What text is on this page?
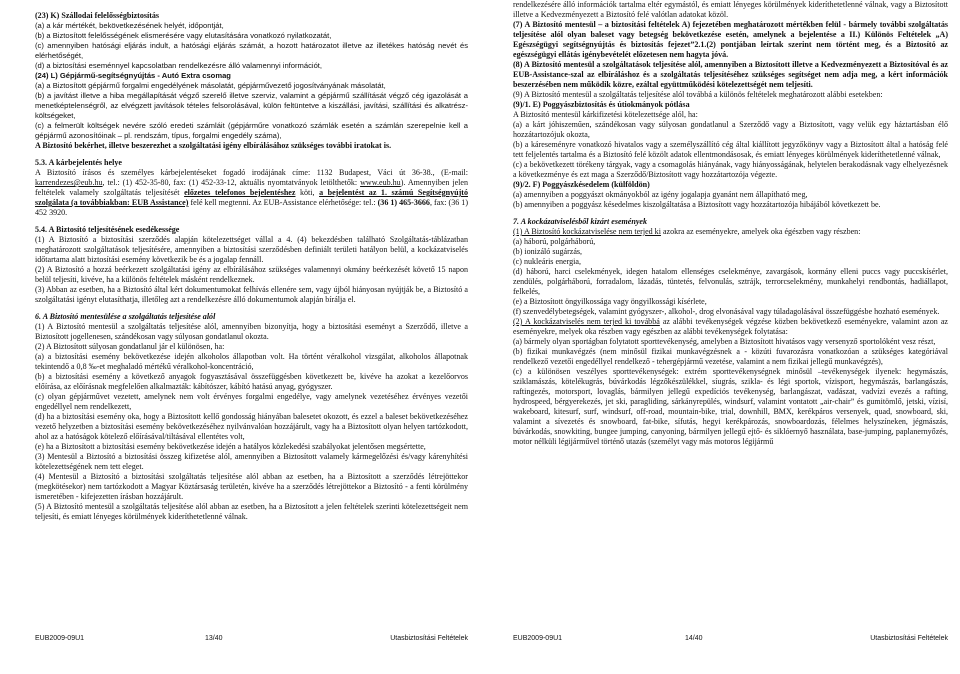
(23) K) Szállodai felelősségbiztosítás

(a) a kár mértékét, bekövetkezésének helyét, időpontját,

(b) a Biztosított felelősségének elismerésére vagy elutasítására vonatkozó nyilatkozatát,

(c) amennyiben hatósági eljárás indult, a hatósági eljárás számát, a hozott határozatot illetve az illetékes hatóság nevét és elérhetőségét,

(d) a biztosítási eseménnyel kapcsolatban rendelkezésre álló valamennyi információt,

(24) L) Gépjármű-segítségnyújtás - Autó Extra csomag

(a) a Biztosított gépjármű forgalmi engedélyének másolatát, gépjárművezető jogosítványának másolatát,

(b) a javítást illetve a hiba megállapítását végző szerelő illetve szerviz, valamint a gépjármű szállítását végző cég igazolását a menetképtelenségről, az elvégzett javítások tételes felsorolásával, külön feltüntetve a kiszállási, javítási, szállítási és alkatrész-költségeket,

(c) a felmerült költségek nevére szóló eredeti számláit (gépjárműre vonatkozó számlák esetén a számlán szerepelnie kell a gépjármű azonosítóinak – pl. rendszám, típus, forgalmi engedély száma),

A Biztosító bekérhet, illetve beszerezhet a szolgáltatási igény elbírálásához szükséges további iratokat is.

5.3. A kárbejelentés helye

A Biztosító írásos és személyes kárbejelentéseket fogadó irodájának címe: 1132 Budapest, Váci út 36-38., (E-mail: karrendezes@eub.hu, tel.: (1) 452-35-80, fax: (1) 452-33-12, aktuális nyomtatványok letölthetők: www.eub.hu). Amennyiben jelen feltételek valamely szolgáltatás teljesítését előzetes telefonos bejelentéshez köti, a bejelentést az 1. számú Segítségnyújtó szolgálata (a továbbiakban: EUB Assistance) felé kell megtenni. Az EUB-Assistance elérhetősége: tel.: (36 1) 465-3666, fax: (36 1) 452 3920.

5.4. A Biztosító teljesítésének esedékessége

(1) A Biztosító a biztosítási szerződés alapján kötelezettséget vállal a 4. (4) bekezdésben található Szolgáltatás-táblázatban meghatározott szolgáltatások teljesítésére, amennyiben a biztosítási szerződésben definiált területi hatályon belül, a kockázatviselés időtartama alatt biztosítási esemény következik be és a jogalap fennáll.

(2) A Biztosító a hozzá beérkezett szolgáltatási igény az elbírálásához szükséges valamennyi okmány beérkezését követő 15 napon belül teljesíti, kivéve, ha a különös feltételek másként rendelkeznek.

(3) Abban az esetben, ha a Biztosító által kért dokumentumokat felhívás ellenére sem, vagy újból hiányosan nyújtják be, a Biztosító a szolgáltatási igényt elutasíthatja, illetőleg azt a rendelkezésre álló dokumentumok alapján bírálja el.

6. A Biztosító mentesülése a szolgáltatás teljesítése alól

(1) A Biztosító mentesül a szolgáltatás teljesítése alól, amennyiben bizonyítja, hogy a biztosítási eseményt a Szerződő, illetve a Biztosított jogellenesen, szándékosan vagy súlyosan gondatlanul okozta.

(2) A Biztosított súlyosan gondatlanul jár el különösen, ha:

(a) a biztosítási esemény bekövetkezése idején alkoholos állapotban volt. Ha történt véralkohol vizsgálat, alkoholos állapotnak tekintendő a 0,8 ‰-et meghaladó mértékű véralkohol-koncentráció,

(b) a biztosítási esemény a következő anyagok fogyasztásával összefüggésben következett be, kivéve ha azokat a kezelőorvos előírása, az előírásnak megfelelően alkalmazták: kábítószer, kábító hatású anyag, gyógyszer.

(c) olyan gépjárművet vezetett, amelynek nem volt érvényes forgalmi engedélye, vagy amelynek vezetéséhez érvényes vezetői engedéllyel nem rendelkezett,

(d) ha a biztosítási esemény oka, hogy a Biztosított kellő gondosság hiányában balesetet okozott, és ezzel a baleset bekövetkezéséhez vezető helyzetben a biztosítási esemény bekövetkezéséhez nyilvánvalóan hozzájárult, vagy ha a Biztosított olyan helyen tartózkodott, ahol az a hatóságok kötelező előírásával/tiltásával ellentétes volt,

(e) ha a Biztosított a biztosítási esemény bekövetkezése idején a hatályos közlekedési szabályokat jelentősen megsértette,

(3) Mentesül a Biztosító a biztosítási összeg kifizetése alól, amennyiben a Biztosított valamely kármegelőzési és/vagy kárenyhítési kötelezettségének nem tett eleget.

(4) Mentesül a Biztosító a biztosítási szolgáltatás teljesítése alól abban az esetben, ha a Biztosított a szerződés létrejöttekor (megkötésekor) nem tartózkodott a Magyar Köztársaság területén, kivéve ha a szerződés létrejöttekor a Biztosító - a fenti körülmény ismeretében - kifejezetten írásban hozzájárult.

(5) A Biztosító mentesül a szolgáltatás teljesítése alól abban az esetben, ha a Biztosított a jelen feltételek szerinti kötelezettségeit nem teljesíti, és emiatt lényeges körülmények kideríthetetlenné válnak.

EUB2009-09U1	13/40	Utasbiztosítási Feltételek

rendelkezésére álló információk tartalma eltér egymástól, és emiatt lényeges körülmények kideríthetetlenné válnak, vagy a Biztosított illetve a Kedvezményezett a Biztosító felé valótlan adatokat közöl.

(7) A Biztosító mentesül – a biztosítási feltételek A) fejezetében meghatározott mértékben felül - bármely további szolgáltatás teljesítése alól olyan baleset vagy betegség bekövetkezése esetén, amelynek a bejelentése a II.) Különös Feltételek „A) Egészségügyi segítségnyújtás és biztosítás fejezet”2.1.(2) pontjában leírtak szerint nem történt meg, és a Biztosító az egészségügyi ellátás igénybevételét előzetesen nem hagyta jóvá.

(8) A Biztosító mentesül a szolgáltatások teljesítése alól, amennyiben a Biztosított illetve a Kedvezményezett a Biztosítóval és az EUB-Assistance-szal az elbíráláshoz és a szolgáltatás teljesítéséhez szükséges segítséget nem adja meg, a kért információk beszerzésében nem működik közre, ezáltal együttműködési kötelezettségét nem teljesíti.

(9) A Biztosító mentesül a szolgáltatás teljesítése alól továbbá a különös feltételek meghatározott alábbi esetekben:

(9)/1. E) Poggyászbiztosítás és útiokmányok pótlása

A Biztosító mentesül kárkifizetési kötelezettsége alól, ha:

(a) a kárt jóhiszeműen, szándékosan vagy súlyosan gondatlanul a Szerződő vagy a Biztosított, vagy velük egy háztartásban élő hozzátartozójuk okozta,

(b) a káreseményre vonatkozó hivatalos vagy a személyszállító cég által kiállított jegyzőkönyv vagy a Biztosított által a hatóság felé tett feljelentés tartalma és a Biztosító felé közölt adatok ellentmondásosak, és emiatt lényeges körülmények kideríthetetlenné válnak,

(c) a bekövetkezett törékeny tárgyak, vagy a csomagolás hiányának, vagy hiányosságának, helytelen berakodásnak vagy elhelyezésnek a következménye és ezt maga a Szerződő/Biztosított vagy hozzátartozója végezte.

(9)/2. F) Poggyászkésedelem (külföldön)

(a) amennyiben a poggyászt okmányokból az igény jogalapja gyanánt nem állapítható meg,

(b) amennyiben a poggyász késedelmes kiszolgáltatása a Biztosított vagy hozzátartozója hibájából következett be.

7. A kockázatviselésből kizárt események

(1) A Biztosító kockázatviselése nem terjed ki azokra az eseményekre, amelyek oka égészben vagy részben:

(a) háború, polgárháború,

(b) ionizáló sugárzás,

(c) nukleáris energia,

(d) háború, harci cselekmények, idegen hatalom ellenséges cselekménye, zavargások, kormány elleni puccs vagy puccskísérlet, zendülés, polgárháború, forradalom, lázadás, tüntetés, felvonulás, sztrájk, terrorcselekmény, munkahelyi rendbontás, hadiállapot, felkelés,

(e) a Biztosított öngyilkossága vagy öngyilkossági kísérlete,

(f) szenvedélybetegségek, valamint gyógyszer-, alkohol-, drog elvonásával vagy túladagolásával összefüggésbe hozható események.

(2) A kockázatviselés nem terjed ki továbbá az alábbi tevékenységek végzése közben bekövetkező eseményekre, valamint azon az eseményekre, melyek oka részben vagy egészben az alábbi tevékenységek folytatása:

(a) bármely olyan sportágban folytatott sporttevékenység, amelyben a Biztosított hivatásos vagy versenyző sportolóként vesz részt,

(b) fizikai munkavégzés (nem minősül fizikai munkavégzésnek a - közúti fuvarozásra vonatkozóan a szükséges kategóriával rendelkező vezetői engedéllyel rendelkező - tehergépjármű vezetése, valamint a nem fizikai jellegű munkavégzés),

(c) a különösen veszélyes sporttevékenységek: extrém sporttevékenységnek minősül –tevékenységek ilyenek: hegymászás, sziklamászás, kötelékugrás, búvárkodás légzőkészülékkel, síugrás, szikla- és légi sportok, vízisport, hegymászás, barlangászás, raftingezés, motorsport, lovaglás, bármilyen jellegű expedíciós tevékenység, barlangászat, vadászat, vadvízi evezés a rafting, hydrospeed, bérgyerekezés, jet ski, paragliding, sárkányrepülés, windsurf, valamint vontatott „air-chair” és gumitömlő, jetski, vízisí, wakeboard, kitesurf, surf, windsurf, off-road, mountain-bike, trial, downhill, BMX, kerékpáros versenyek, quad, snowboard, ski, valamint a sívezetés és snowboard, fat-bike, sífutás, hegyi kerékpározás, snowboardozás, félelmes helyszíneken, jégmászás, búvárkodás, snowkiting, bungee jumping, canyoning, bármilyen jellegű ejtő- és siklóernyő használata, base-jumping, paplanernyőzés, motor nélküli légijárművel történő utazás (személyt vagy más motoros légijármű

EUB2009-09U1	14/40	Utasbiztosítási Feltételek
